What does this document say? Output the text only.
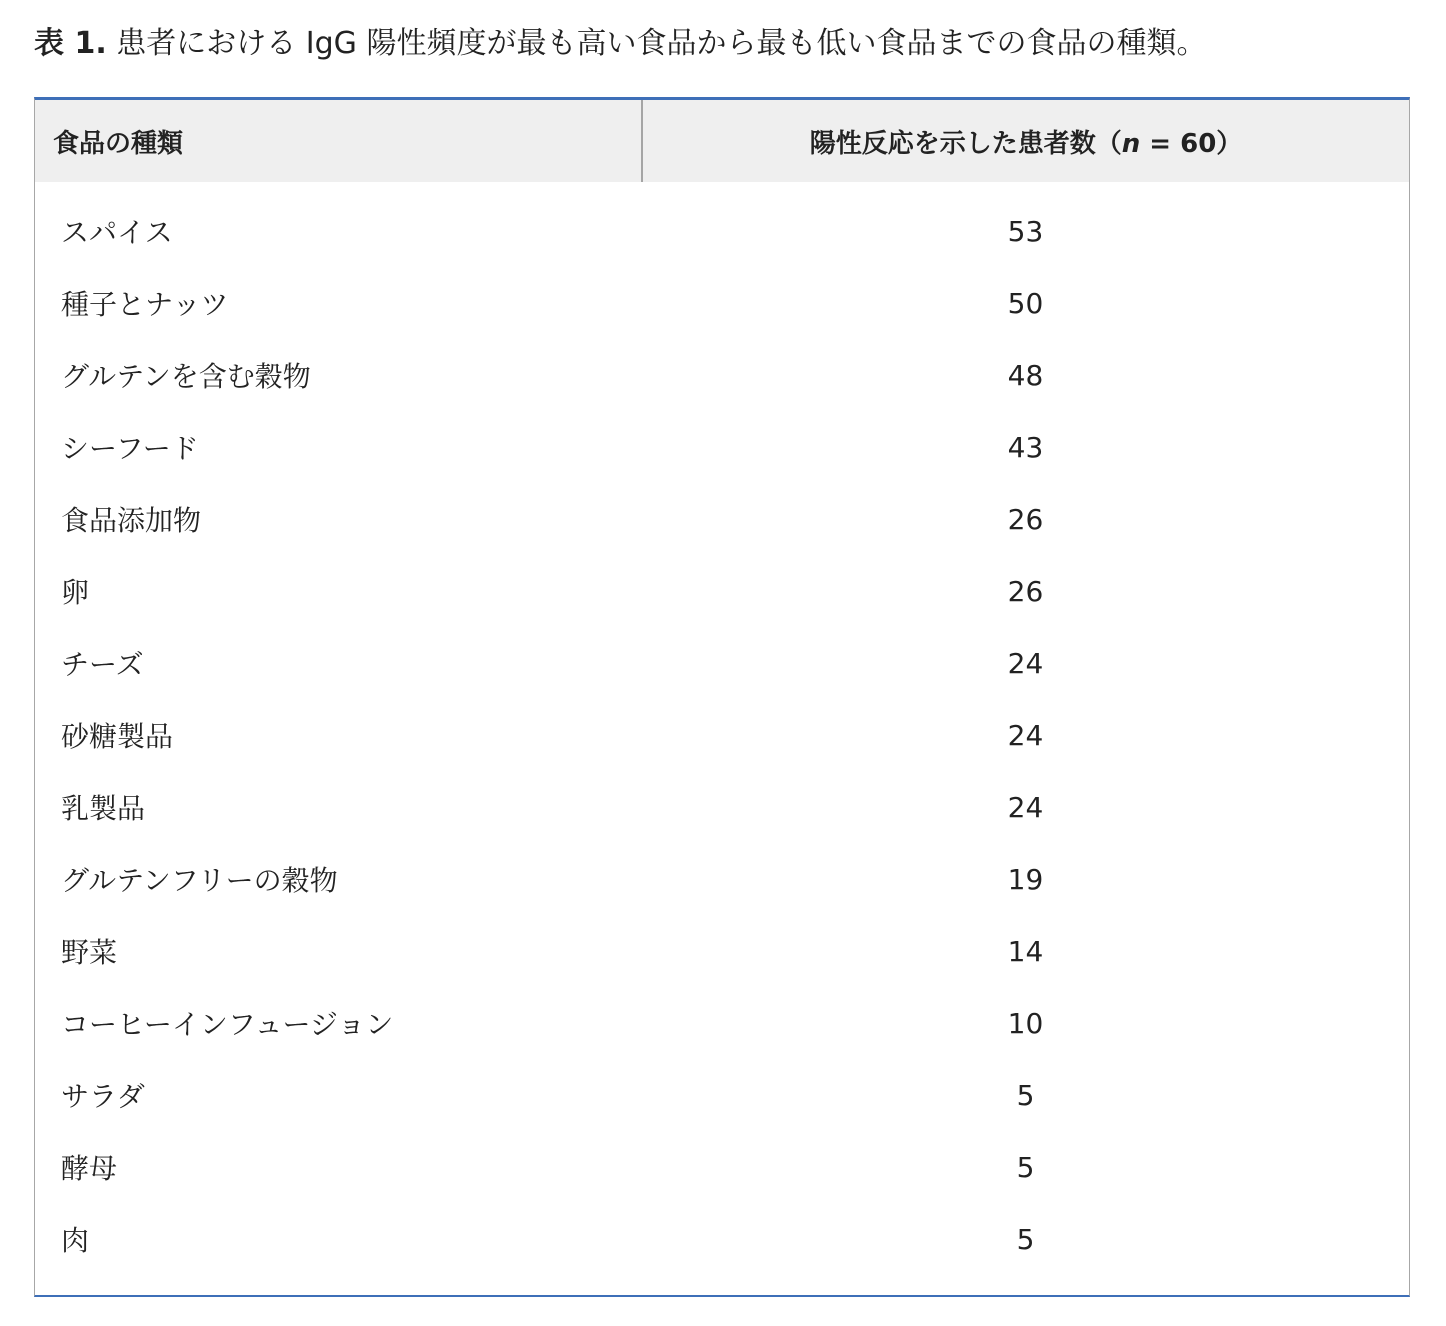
表 1. 患者における IgG 陽性頻度が最も高い食品から最も低い食品までの食品の種類。
食品の種類	陽性反応を示した患者数（n = 60）

スパイス	53
種子とナッツ	50
グルテンを含む穀物	48
シーフード	43
食品添加物	26
卵	26
チーズ	24
砂糖製品	24
乳製品	24
グルテンフリーの穀物	19
野菜	14
コーヒーインフュージョン	10
サラダ	5
酵母	5
肉	5
